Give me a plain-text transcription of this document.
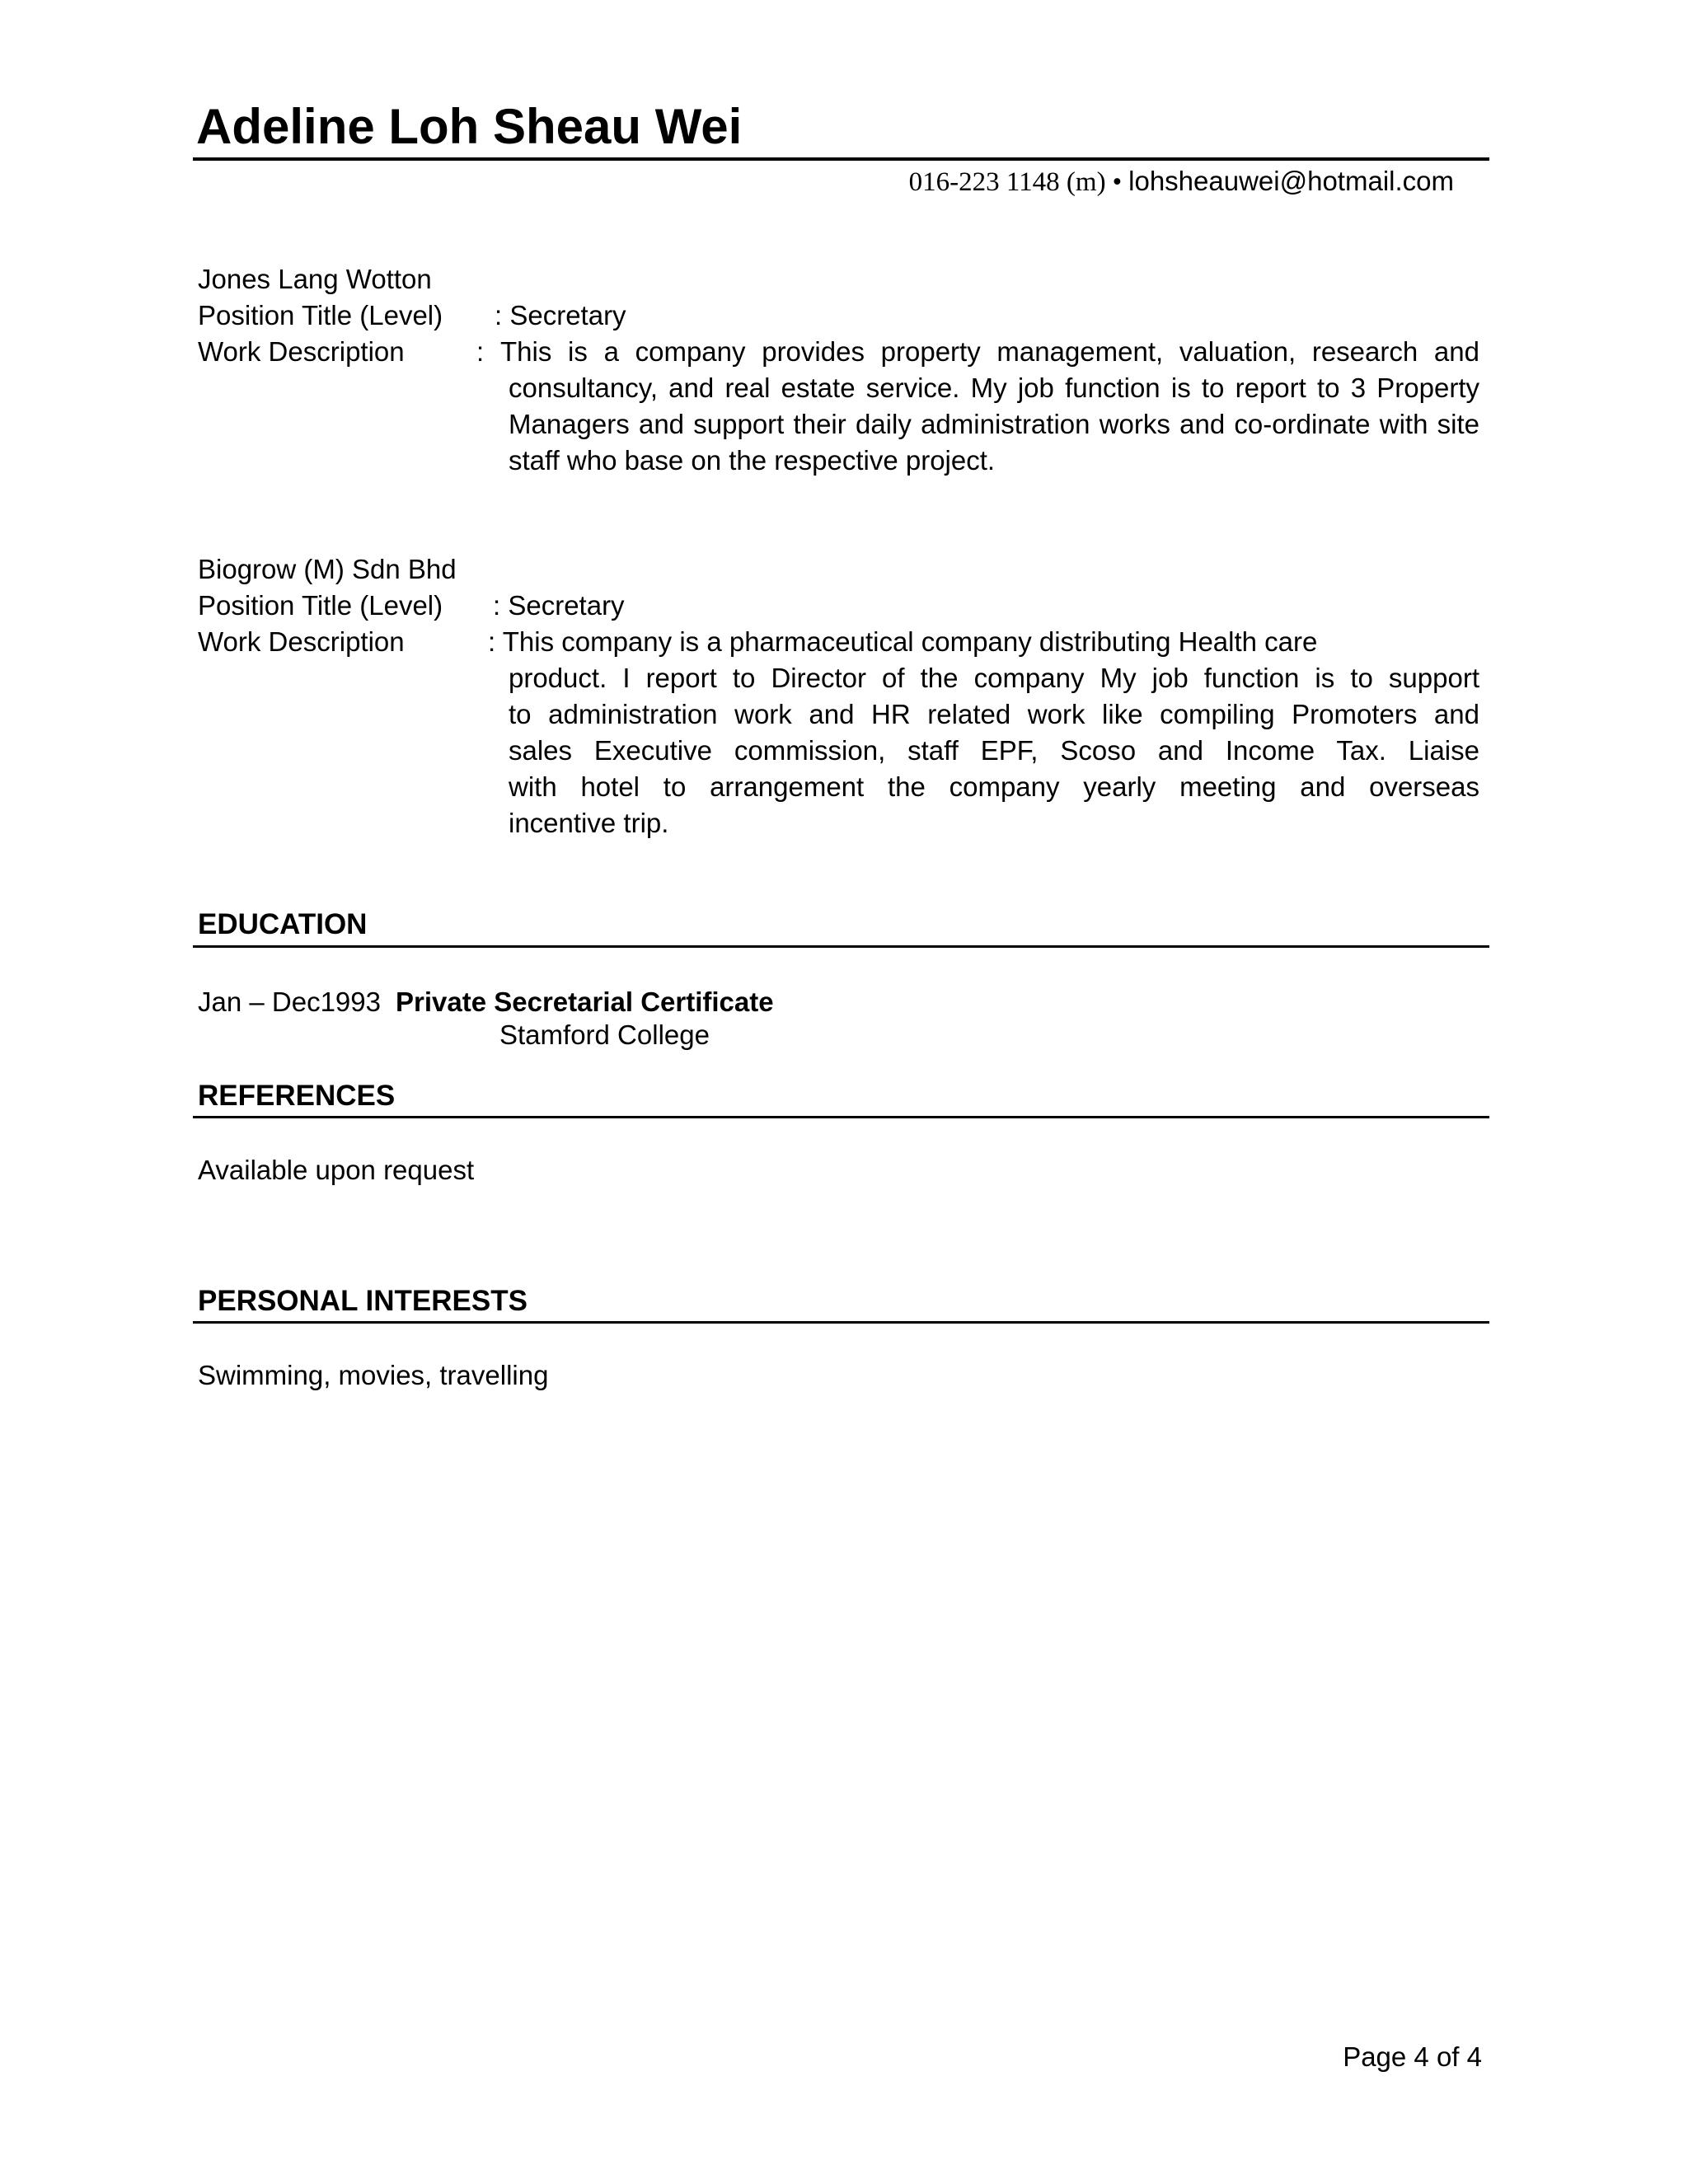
Adeline Loh Sheau Wei
016-223 1148 (m) • lohsheauwei@hotmail.com
Jones Lang Wotton
Position Title (Level) : Secretary
Work Description	: This is a company provides property management, valuation, research and
consultancy, and real estate service. My job function is to report to 3 Property
Managers and support their daily administration works and co-ordinate with site
staff who base on the respective project.
Biogrow (M) Sdn Bhd
Position Title (Level) : Secretary
Work Description	: This company is a pharmaceutical company distributing Health care
product. I report to Director of the company My job function is to support
to administration work and HR related work like compiling Promoters and
sales Executive commission, staff EPF, Scoso and Income Tax. Liaise
with hotel to arrangement the company yearly meeting and overseas
incentive trip.
EDUCATION
Jan – Dec1993 Private Secretarial Certificate
Stamford College
REFERENCES
Available upon request
PERSONAL INTERESTS
Swimming, movies, travelling
Page 4 of 4
